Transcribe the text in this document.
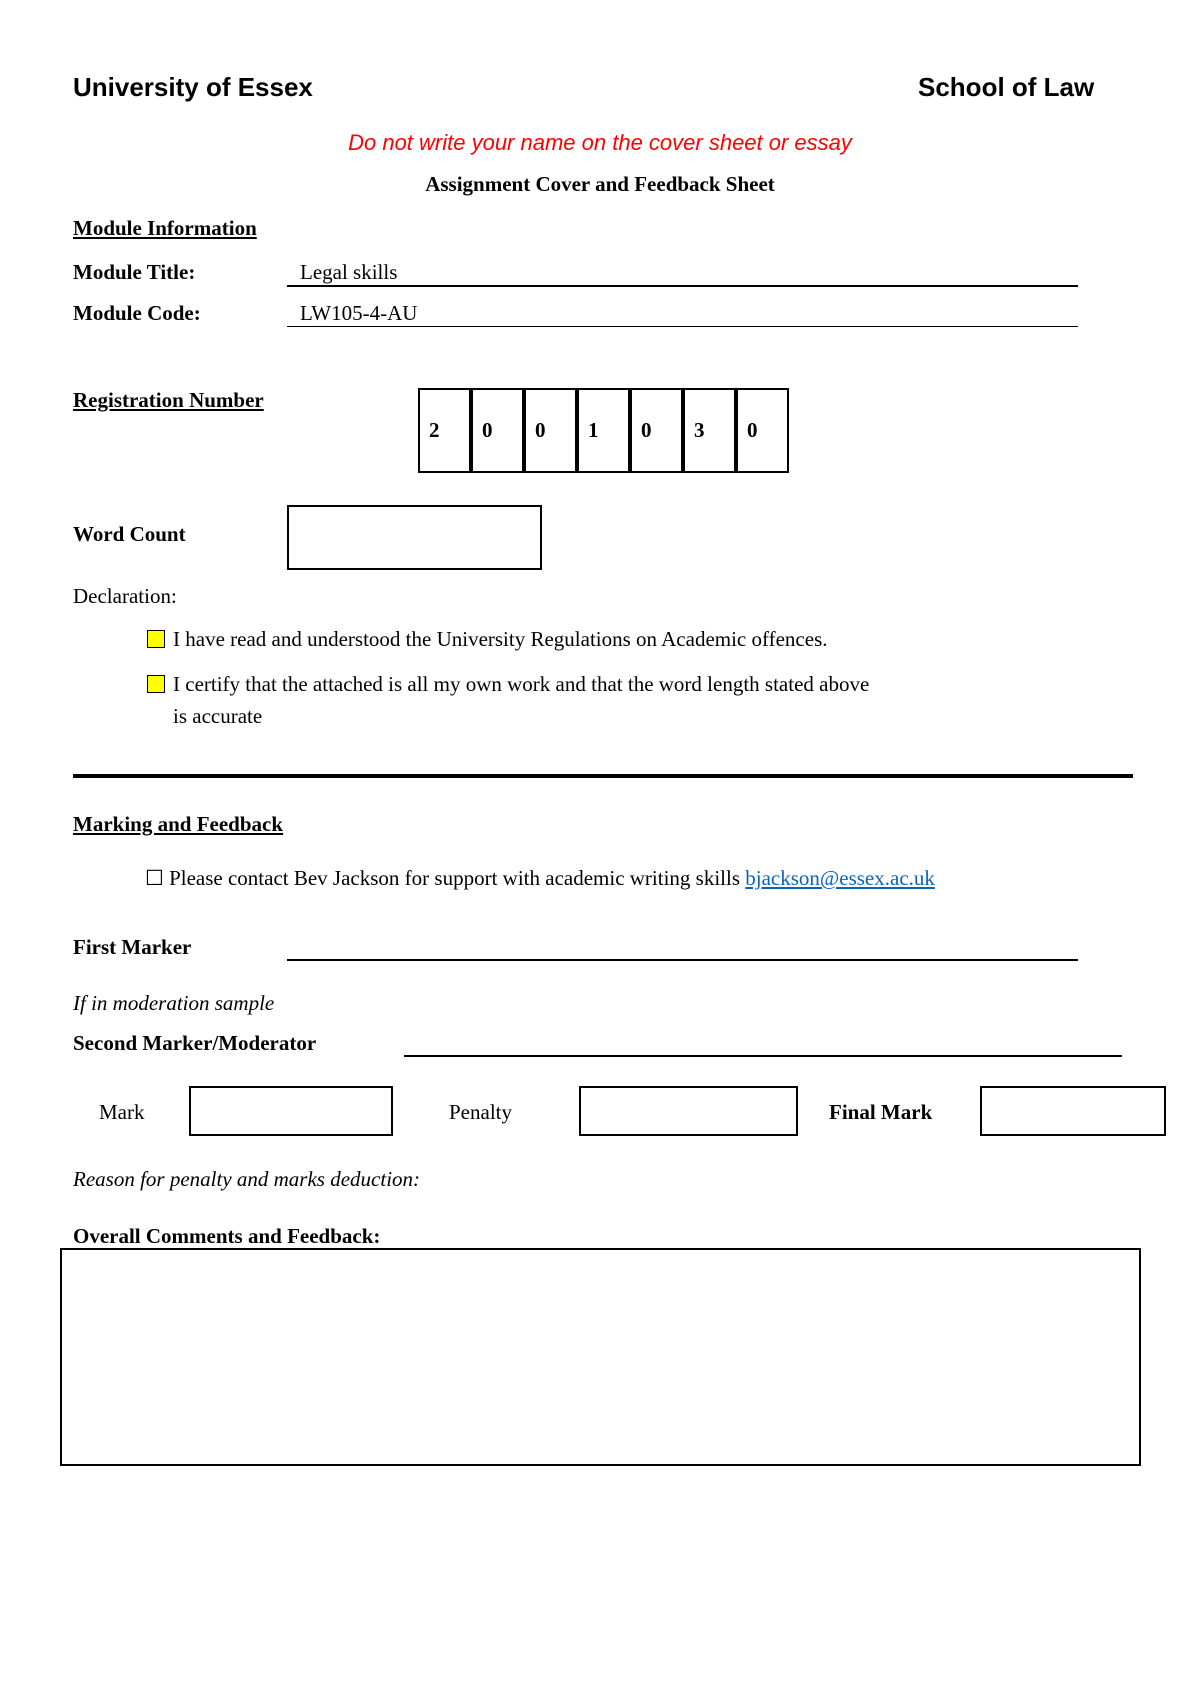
University of Essex	School of Law
Do not write your name on the cover sheet or essay
Assignment Cover and Feedback Sheet
Module Information
Module Title:	Legal skills
Module Code:	LW105-4-AU
Registration Number
2	0	0	1	0	3	0
Word Count
Declaration:
I have read and understood the University Regulations on Academic offences.
I certify that the attached is all my own work and that the word length stated above
is accurate
Marking and Feedback
☐ Please contact Bev Jackson for support with academic writing skills bjackson@essex.ac.uk
First Marker
If in moderation sample
Second Marker/Moderator
Mark	Penalty	Final Mark
Reason for penalty and marks deduction:
Overall Comments and Feedback:
